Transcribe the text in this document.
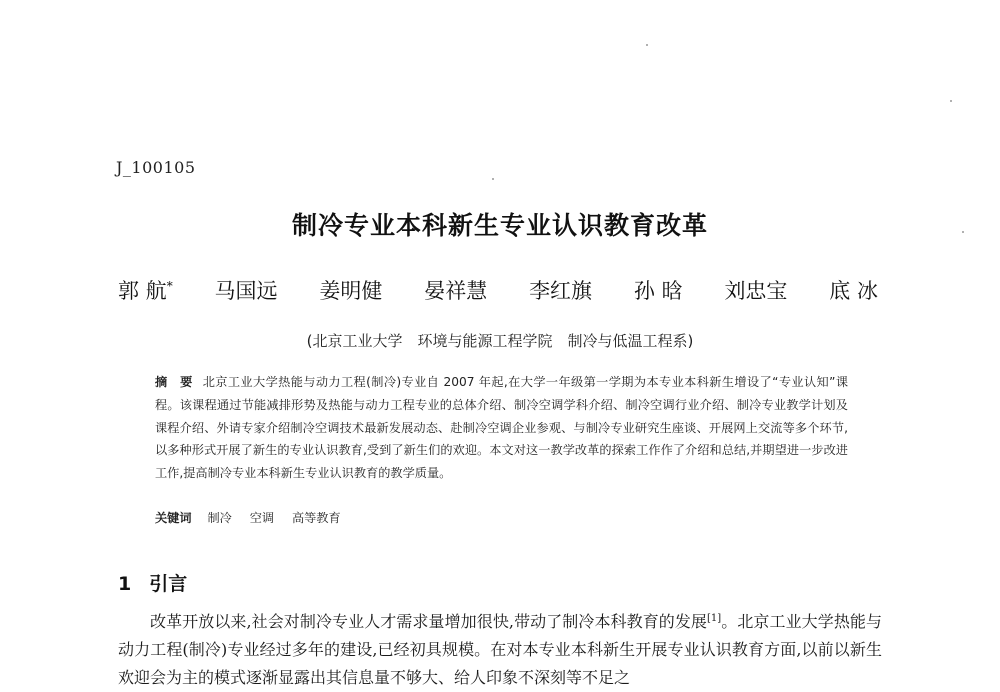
J_100105
制冷专业本科新生专业认识教育改革
郭 航* 马国远 姜明健 晏祥慧 李红旗 孙 晗 刘忠宝 底 冰
(北京工业大学　环境与能源工程学院　制冷与低温工程系)
摘　要 北京工业大学热能与动力工程(制冷)专业自 2007 年起,在大学一年级第一学期为本专业本科新生增设了“专业认知”课程。该课程通过节能减排形势及热能与动力工程专业的总体介绍、制冷空调学科介绍、制冷空调行业介绍、制冷专业教学计划及课程介绍、外请专家介绍制冷空调技术最新发展动态、赴制冷空调企业参观、与制冷专业研究生座谈、开展网上交流等多个环节,以多种形式开展了新生的专业认识教育,受到了新生们的欢迎。本文对这一教学改革的探索工作作了介绍和总结,并期望进一步改进工作,提高制冷专业本科新生专业认识教育的教学质量。
关键词 制冷 空调 高等教育
1 引言
改革开放以来,社会对制冷专业人才需求量增加很快,带动了制冷本科教育的发展[1]。北京工业大学热能与动力工程(制冷)专业经过多年的建设,已经初具规模。在对本专业本科新生开展专业认识教育方面,以前以新生欢迎会为主的模式逐渐显露出其信息量不够大、给人印象不深刻等不足之
